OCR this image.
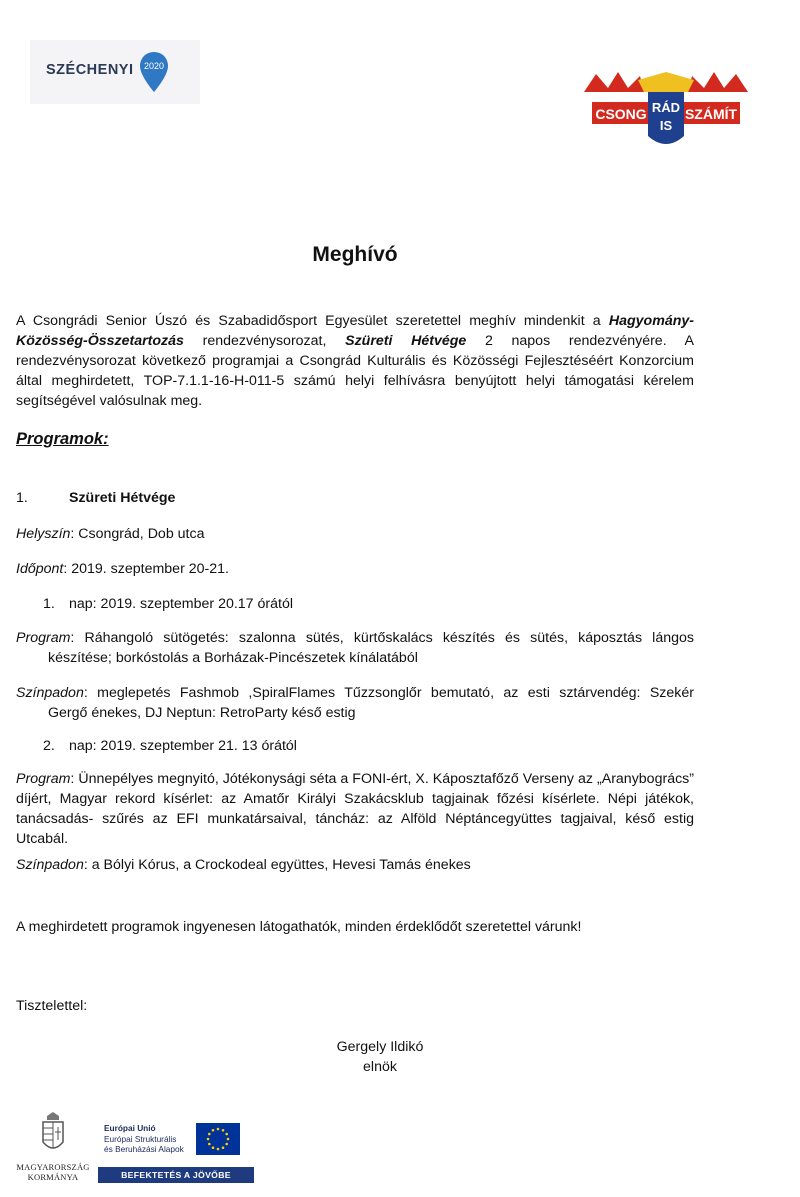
SZÉCHENYI 2020
CSONG RÁD
IS
SZÁMÍT
Meghívó
A Csongrádi Senior Úszó és Szabadidősport Egyesület szeretettel meghív mindenkit a Hagyomány-Közösség-Összetartozás rendezvénysorozat, Szüreti Hétvége 2 napos rendezvényére. A rendezvénysorozat következő programjai a Csongrád Kulturális és Közösségi Fejlesztéséért Konzorcium által meghirdetett, TOP-7.1.1-16-H-011-5 számú helyi felhívásra benyújtott helyi támogatási kérelem segítségével valósulnak meg.
Programok:
1.	Szüreti Hétvége
Helyszín: Csongrád, Dob utca
Időpont: 2019. szeptember 20-21.
1. nap: 2019. szeptember 20.17 órától
Program: Ráhangoló sütögetés: szalonna sütés, kürtőskalács készítés és sütés, káposztás lángos
készítése; borkóstolás a Borházak-Pincészetek kínálatából
Színpadon: meglepetés Fashmob ,SpiralFlames Tűzzsonglőr bemutató, az esti sztárvendég: Szekér
Gergő énekes, DJ Neptun: RetroParty késő estig
2. nap: 2019. szeptember 21. 13 órától
Program: Ünnepélyes megnyitó, Jótékonysági séta a FONI-ért, X. Káposztafőző Verseny az „Aranybogrács” díjért, Magyar rekord kísérlet: az Amatőr Királyi Szakácsklub tagjainak főzési kísérlete. Népi játékok, tanácsadás- szűrés az EFI munkatársaival, táncház: az Alföld Néptáncegyüttes tagjaival, késő estig Utcabál.
Színpadon: a Bólyi Kórus, a Crockodeal együttes, Hevesi Tamás énekes
A meghirdetett programok ingyenesen látogathatók, minden érdeklődőt szeretettel várunk!
Tisztelettel:
Gergely Ildikó
elnök
MAGYARORSZÁG
KORMÁNYA
Európai Unió
Európai Strukturális
és Beruházási Alapok
BEFEKTETÉS A JÖVŐBE
